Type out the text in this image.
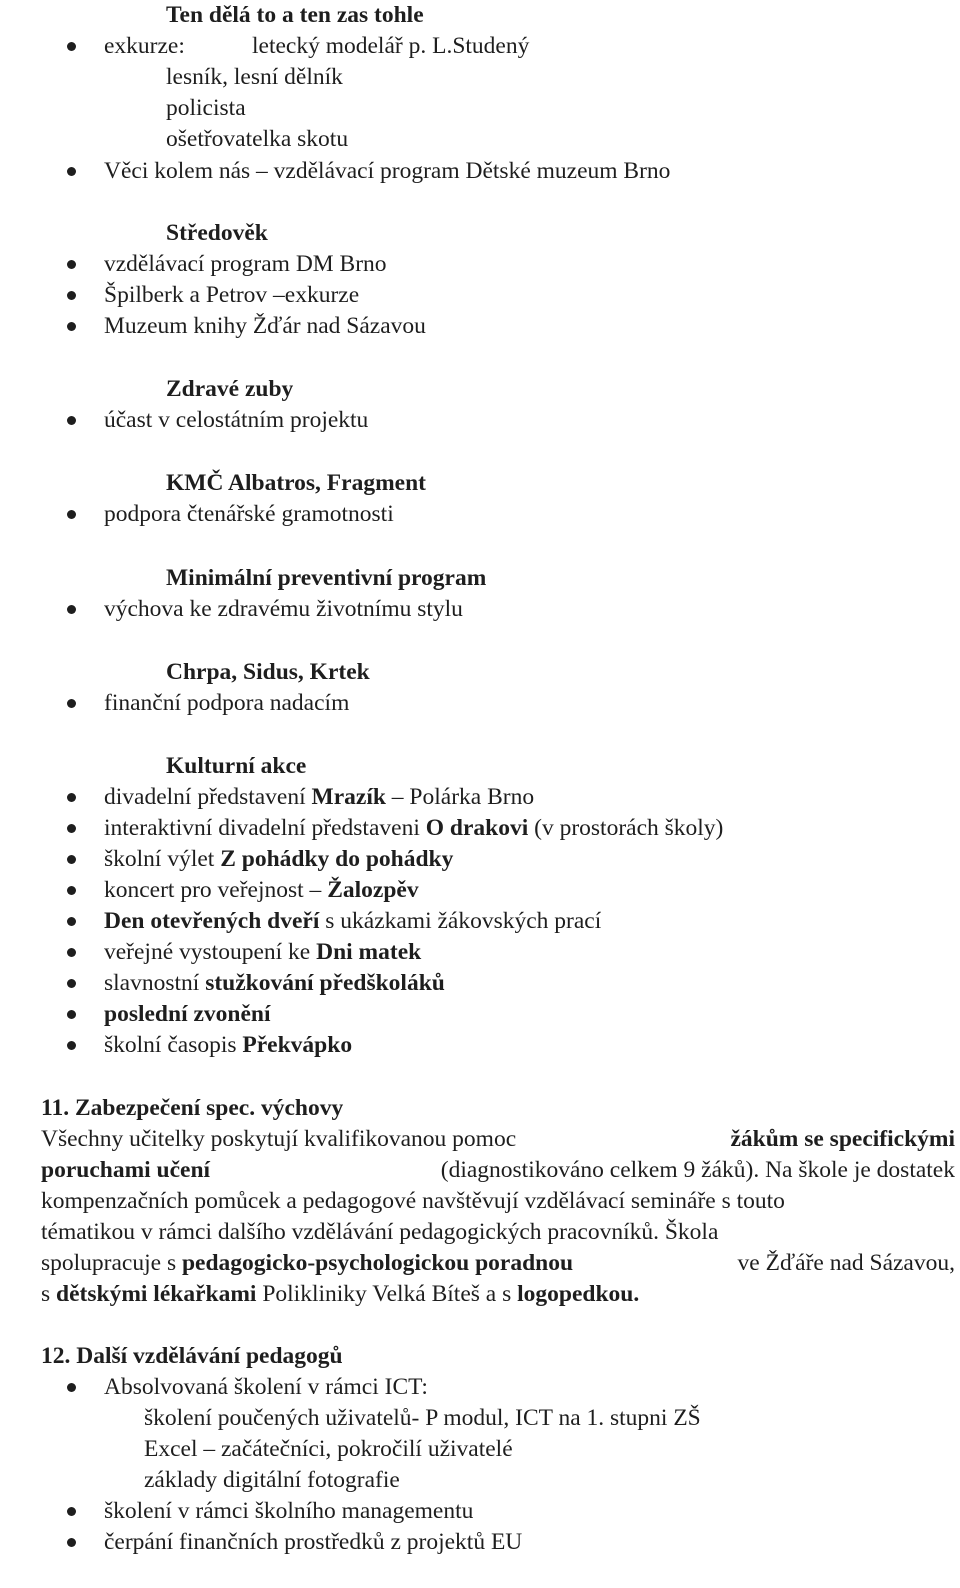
Ten dělá to a ten zas tohle
exkurze:	letecký modelář p. L.Studený
lesník, lesní dělník
policista
ošetřovatelka skotu
Věci kolem nás – vzdělávací program Dětské muzeum Brno
Středověk
vzdělávací program DM Brno
Špilberk a Petrov –exkurze
Muzeum knihy Žďár nad Sázavou
Zdravé zuby
účast v celostátním projektu
KMČ Albatros, Fragment
podpora čtenářské gramotnosti
Minimální preventivní program
výchova ke zdravému životnímu stylu
Chrpa, Sidus, Krtek
finanční podpora nadacím
Kulturní akce
divadelní představení Mrazík – Polárka Brno
interaktivní divadelní představeni O drakovi (v prostorách školy)
školní výlet Z pohádky do pohádky
koncert pro veřejnost – Žalozpěv
Den otevřených dveří s ukázkami žákovských prací
veřejné vystoupení ke Dni matek
slavnostní stužkování předškoláků
poslední zvonění
školní časopis Překvápko
11. Zabezpečení spec. výchovy
Všechny učitelky poskytují kvalifikovanou pomoc	žákům se specifickými
poruchami učení	(diagnostikováno celkem 9 žáků). Na škole je dostatek
kompenzačních pomůcek a pedagogové navštěvují vzdělávací semináře s touto
tématikou v rámci dalšího vzdělávání pedagogických pracovníků. Škola
spolupracuje s pedagogicko-psychologickou poradnou	ve Žďáře nad Sázavou,
s dětskými lékařkami Polikliniky Velká Bíteš a s logopedkou.
12. Další vzdělávání pedagogů
Absolvovaná školení v rámci ICT:
školení poučených uživatelů- P modul, ICT na 1. stupni ZŠ
Excel – začátečníci, pokročilí uživatelé
základy digitální fotografie
školení v rámci školního managementu
čerpání finančních prostředků z projektů EU
